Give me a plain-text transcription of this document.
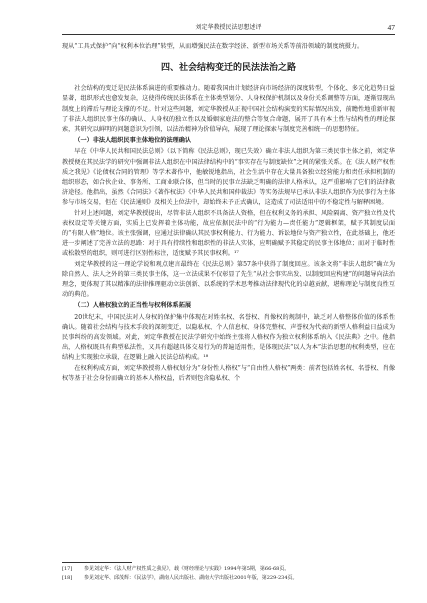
刘定华教授民法思想述评	47

现从“工具式保护”向“权利本位治理”转型，从而增强民法在数字经济、新型市场关系等前沿领域的制度统摄力。

四、社会结构变迁的民法法治之路

社会结构的变迁是民法体系演进的重要推动力。随着我国由计划经济向市场经济的深度转型，个体化、多元化趋势日益显著，组织形式也愈发复杂，这使得传统民法体系在主体类型划分、人身权保护机制以及身份关系调整等方面，逐渐显现出制度上的滞后与理论支撑的不足。针对这些问题，刘定华教授从正视中国社会结构演变的实际情况出发，前瞻性地重新审视了非法人组织民事主体的确认、人身权的独立性以及婚姻家庭法的整合等复合命题，展开了具有本土性与结构性的理论探索，其研究以鲜明的问题意识为引领，以法治精神为价值导向，展现了理论探索与制度完善相统一的思想特征。

（一）非法人组织民事主体地位的法理确认

早在《中华人民共和国民法总则》（以下简称《民法总则》，现已失效）确立非法人组织为第三类民事主体之前，刘定华教授便在其民法学的研究中强调非法人组织在中国法律结构中的“事实存在与制度缺位”之间的紧张关系。在《法人财产权性质之我见》《论债权合同的管理》等学术著作中，他敏锐地指出，社会生活中存在大量具备独立经营能力和责任承担机制的组织形态，如合伙企业、事务所、工商业联合体，但当时的民事立法缺乏明确的法律人格承认，这严重影响了它们的法律救济途径。他指出，虽然《合同法》《著作权法》《中华人民共和国仲裁法》等实务法规早已承认非法人组织作为民事行为主体参与市场交易，但在《民法通则》及相关上位法中，却始终未予正式确认，这造成了司法适用中的不稳定性与解释困境。

针对上述问题，刘定华教授提出，尽管非法人组织不具备法人资格，但在权利义务的承担、风险隔离、资产独立性及代表权设定等关键方面，实质上已发挥着主体功能，故应依据民法中的“行为能力—责任能力”逻辑框架，赋予其制度层面的“有限人格”地位。该主张强调，应通过法律确认其民事权利能力、行为能力、诉讼地位与资产独立性，在此基础上，他还进一步阐述了完善立法的思路：对于具有持续性和组织性的非法人实体，应明确赋予其稳定的民事主体地位；而对于临时性或松散型的组织，则可进行区别性标注，适度赋予其民事权利。¹⁷

刘定华教授的这一理论学说和观点建言最终在《民法总则》第57条中获得了制度回应。该条文将“非法人组织”确立为除自然人、法人之外的第三类民事主体，这一立法成果不仅彰显了先生“从社会事实出发、以制度回应构建”的问题导向法治理念，更体现了其以精准的法律推理驱动立法创新、以系统的学术思考推动法律现代化的卓越贡献，堪称理论与制度良性互动的典范。

（二）人格权独立的正当性与权利体系拓展

20世纪末，中国民法对人身权的保护集中体现在对姓名权、名誉权、肖像权的规制中，缺乏对人格整体价值的体系性确认。随着社会结构与技术手段的深刻变迁，以隐私权、个人信息权、身体完整权、声誉权为代表的新型人格利益日益成为民事纠纷的高发领域。对此，刘定华教授在民法学研究中始终主张将人格权作为独立权利体系纳入《民法典》之中。他指出，人格权既具有典型私法性，又具有超越具体交易行为的普遍适用性，是体现民法“以人为本”法治思想的权利类型，应在结构上实现独立承载，在逻辑上融入民法总结构成。¹⁸

在权利构成方面，刘定华教授将人格权划分为“身份性人格权”与“自由性人格权”两类：前者包括姓名权、名誉权、肖像权等基于社会身份而确立的基本人格权益，后者则包含隐私权、个

[17]	参见刘定华：《法人财产权性质之我见》，载《财经理论与实践》1994年第5期，第66-68页。
[18]	参见刘定华、邱茂辉：《民法学》，湖南人民出版社、湖南大学出版社2001年版，第229-234页。
